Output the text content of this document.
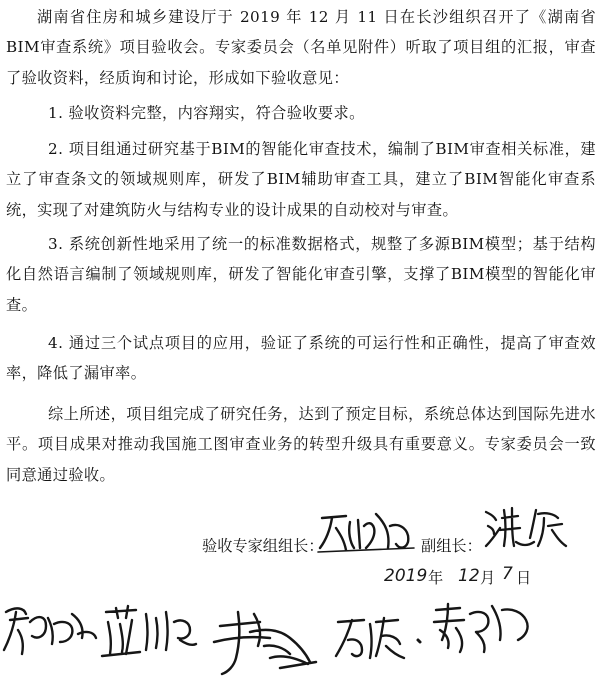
湖南省住房和城乡建设厅于 2019 年 12 月 11 日在长沙组织召开了《湖南省BIM审查系统》项目验收会。专家委员会（名单见附件）听取了项目组的汇报，审查了验收资料，经质询和讨论，形成如下验收意见：

1. 验收资料完整，内容翔实，符合验收要求。

2. 项目组通过研究基于BIM的智能化审查技术，编制了BIM审查相关标准，建立了审查条文的领域规则库，研发了BIM辅助审查工具，建立了BIM智能化审查系统，实现了对建筑防火与结构专业的设计成果的自动校对与审查。

3. 系统创新性地采用了统一的标准数据格式，规整了多源BIM模型；基于结构化自然语言编制了领域规则库，研发了智能化审查引擎，支撑了BIM模型的智能化审查。

4. 通过三个试点项目的应用，验证了系统的可运行性和正确性，提高了审查效率，降低了漏审率。

综上所述，项目组完成了研究任务，达到了预定目标，系统总体达到国际先进水平。项目成果对推动我国施工图审查业务的转型升级具有重要意义。专家委员会一致同意通过验收。

验收专家组组长：	副组长：
2019 年 12 月 7 日
